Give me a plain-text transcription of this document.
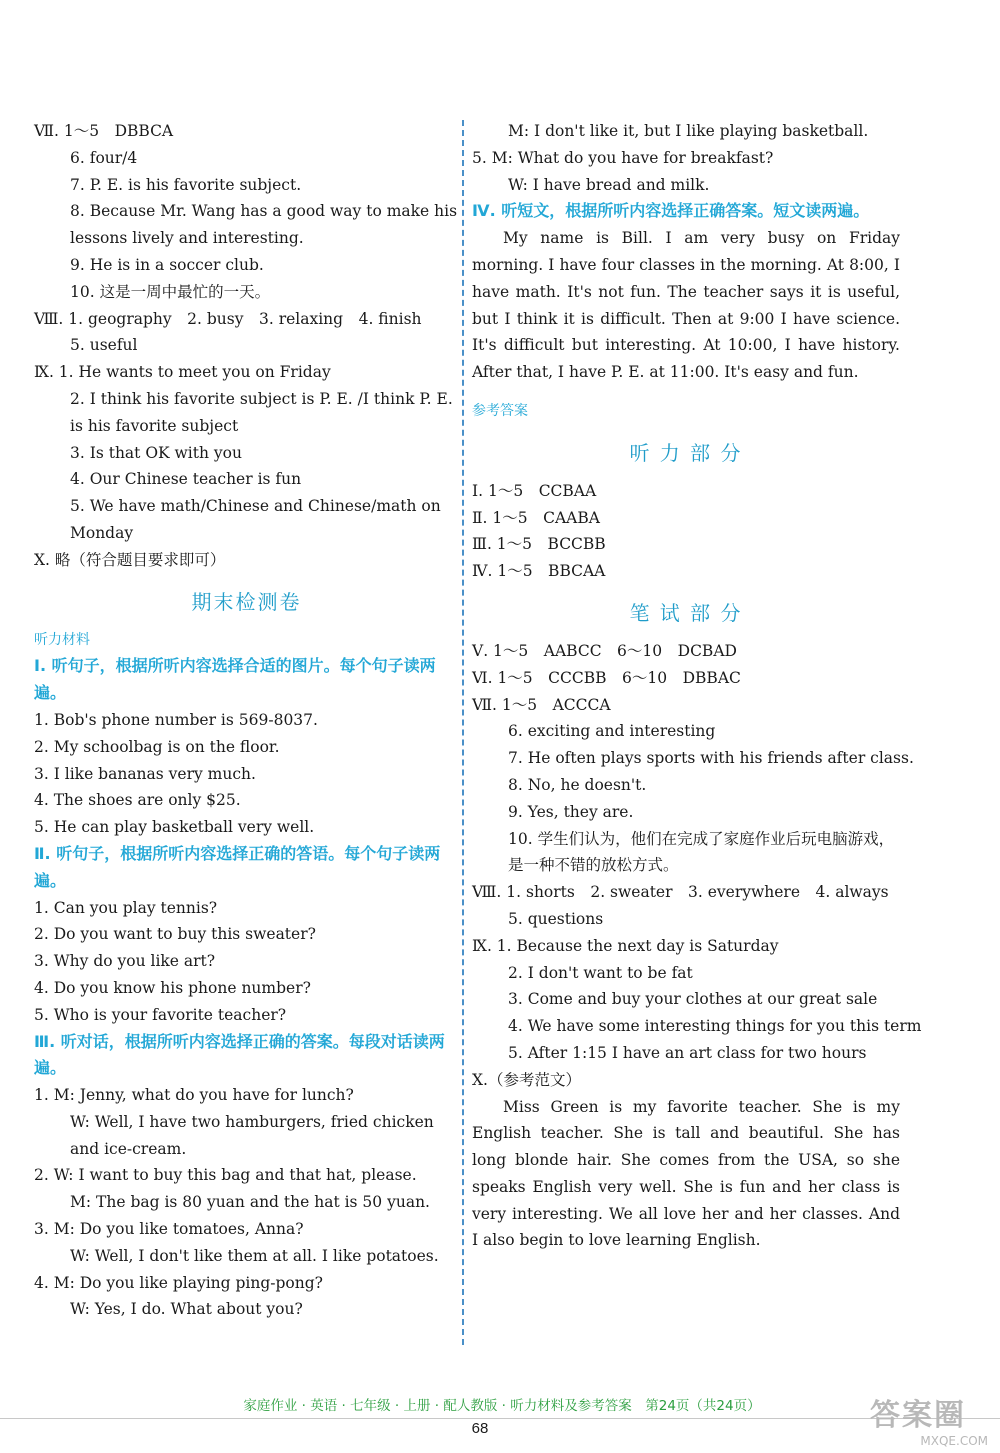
Ⅶ. 1～5　DBBCA
6. four/4
7. P. E. is his favorite subject.
8. Because Mr. Wang has a good way to make his lessons lively and interesting.
9. He is in a soccer club.
10. 这是一周中最忙的一天。
Ⅷ. 1. geography　2. busy　3. relaxing　4. finish
5. useful
Ⅸ. 1. He wants to meet you on Friday
2. I think his favorite subject is P. E. /I think P. E. is his favorite subject
3. Is that OK with you
4. Our Chinese teacher is fun
5. We have math/Chinese and Chinese/math on Monday
Ⅹ. 略（符合题目要求即可）
期末检测卷
听力材料
Ⅰ. 听句子，根据所听内容选择合适的图片。每个句子读两遍。
1. Bob's phone number is 569-8037.
2. My schoolbag is on the floor.
3. I like bananas very much.
4. The shoes are only $25.
5. He can play basketball very well.
Ⅱ. 听句子，根据所听内容选择正确的答语。每个句子读两遍。
1. Can you play tennis?
2. Do you want to buy this sweater?
3. Why do you like art?
4. Do you know his phone number?
5. Who is your favorite teacher?
Ⅲ. 听对话，根据所听内容选择正确的答案。每段对话读两遍。
1. M: Jenny, what do you have for lunch?
W: Well, I have two hamburgers, fried chicken and ice-cream.
2. W: I want to buy this bag and that hat, please.
M: The bag is 80 yuan and the hat is 50 yuan.
3. M: Do you like tomatoes, Anna?
W: Well, I don't like them at all. I like potatoes.
4. M: Do you like playing ping-pong?
W: Yes, I do. What about you?
M: I don't like it, but I like playing basketball.
5. M: What do you have for breakfast?
W: I have bread and milk.
Ⅳ. 听短文，根据所听内容选择正确答案。短文读两遍。
My name is Bill. I am very busy on Friday morning. I have four classes in the morning. At 8:00, I have math. It's not fun. The teacher says it is useful, but I think it is difficult. Then at 9:00 I have science. It's difficult but interesting. At 10:00, I have history. After that, I have P. E. at 11:00. It's easy and fun.
参考答案
听 力 部 分
Ⅰ. 1～5　CCBAA
Ⅱ. 1～5　CAABA
Ⅲ. 1～5　BCCBB
Ⅳ. 1～5　BBCAA
笔 试 部 分
Ⅴ. 1～5　AABCC　6～10　DCBAD
Ⅵ. 1～5　CCCBB　6～10　DBBAC
Ⅶ. 1～5　ACCCA
6. exciting and interesting
7. He often plays sports with his friends after class.
8. No, he doesn't.
9. Yes, they are.
10. 学生们认为，他们在完成了家庭作业后玩电脑游戏，是一种不错的放松方式。
Ⅷ. 1. shorts　2. sweater　3. everywhere　4. always
5. questions
Ⅸ. 1. Because the next day is Saturday
2. I don't want to be fat
3. Come and buy your clothes at our great sale
4. We have some interesting things for you this term
5. After 1:15 I have an art class for two hours
Ⅹ.（参考范文）
Miss Green is my favorite teacher. She is my English teacher. She is tall and beautiful. She has long blonde hair. She comes from the USA, so she speaks English very well. She is fun and her class is very interesting. We all love her and her classes. And I also begin to love learning English.
家庭作业 · 英语 · 七年级 · 上册 · 配人教版 · 听力材料及参考答案　第24页（共24页）
68	答案圈
MXQE.COM
